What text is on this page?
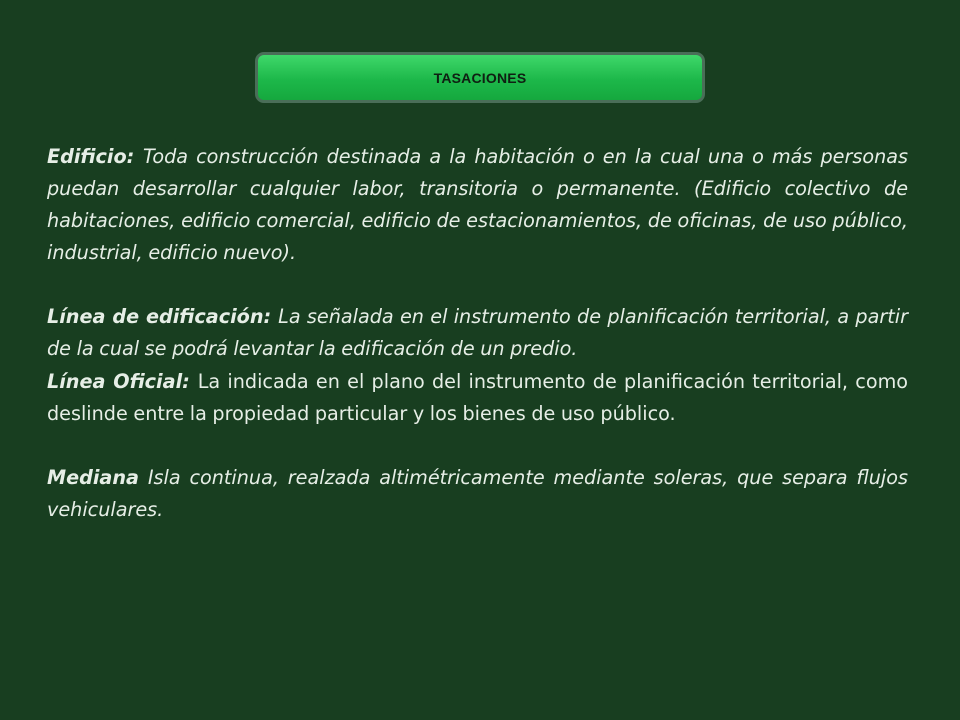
TASACIONES

Edificio: Toda construcción destinada a la habitación o en la cual una o más personas puedan desarrollar cualquier labor, transitoria o permanente. (Edificio colectivo de habitaciones, edificio comercial, edificio de estacionamientos, de oficinas, de uso público, industrial, edificio nuevo).

Línea de edificación: La señalada en el instrumento de planificación territorial, a partir de la cual se podrá levantar la edificación de un predio.

Línea Oficial: La indicada en el plano del instrumento de planificación territorial, como deslinde entre la propiedad particular y los bienes de uso público.

Mediana Isla continua, realzada altimétricamente mediante soleras, que separa flujos vehiculares.
